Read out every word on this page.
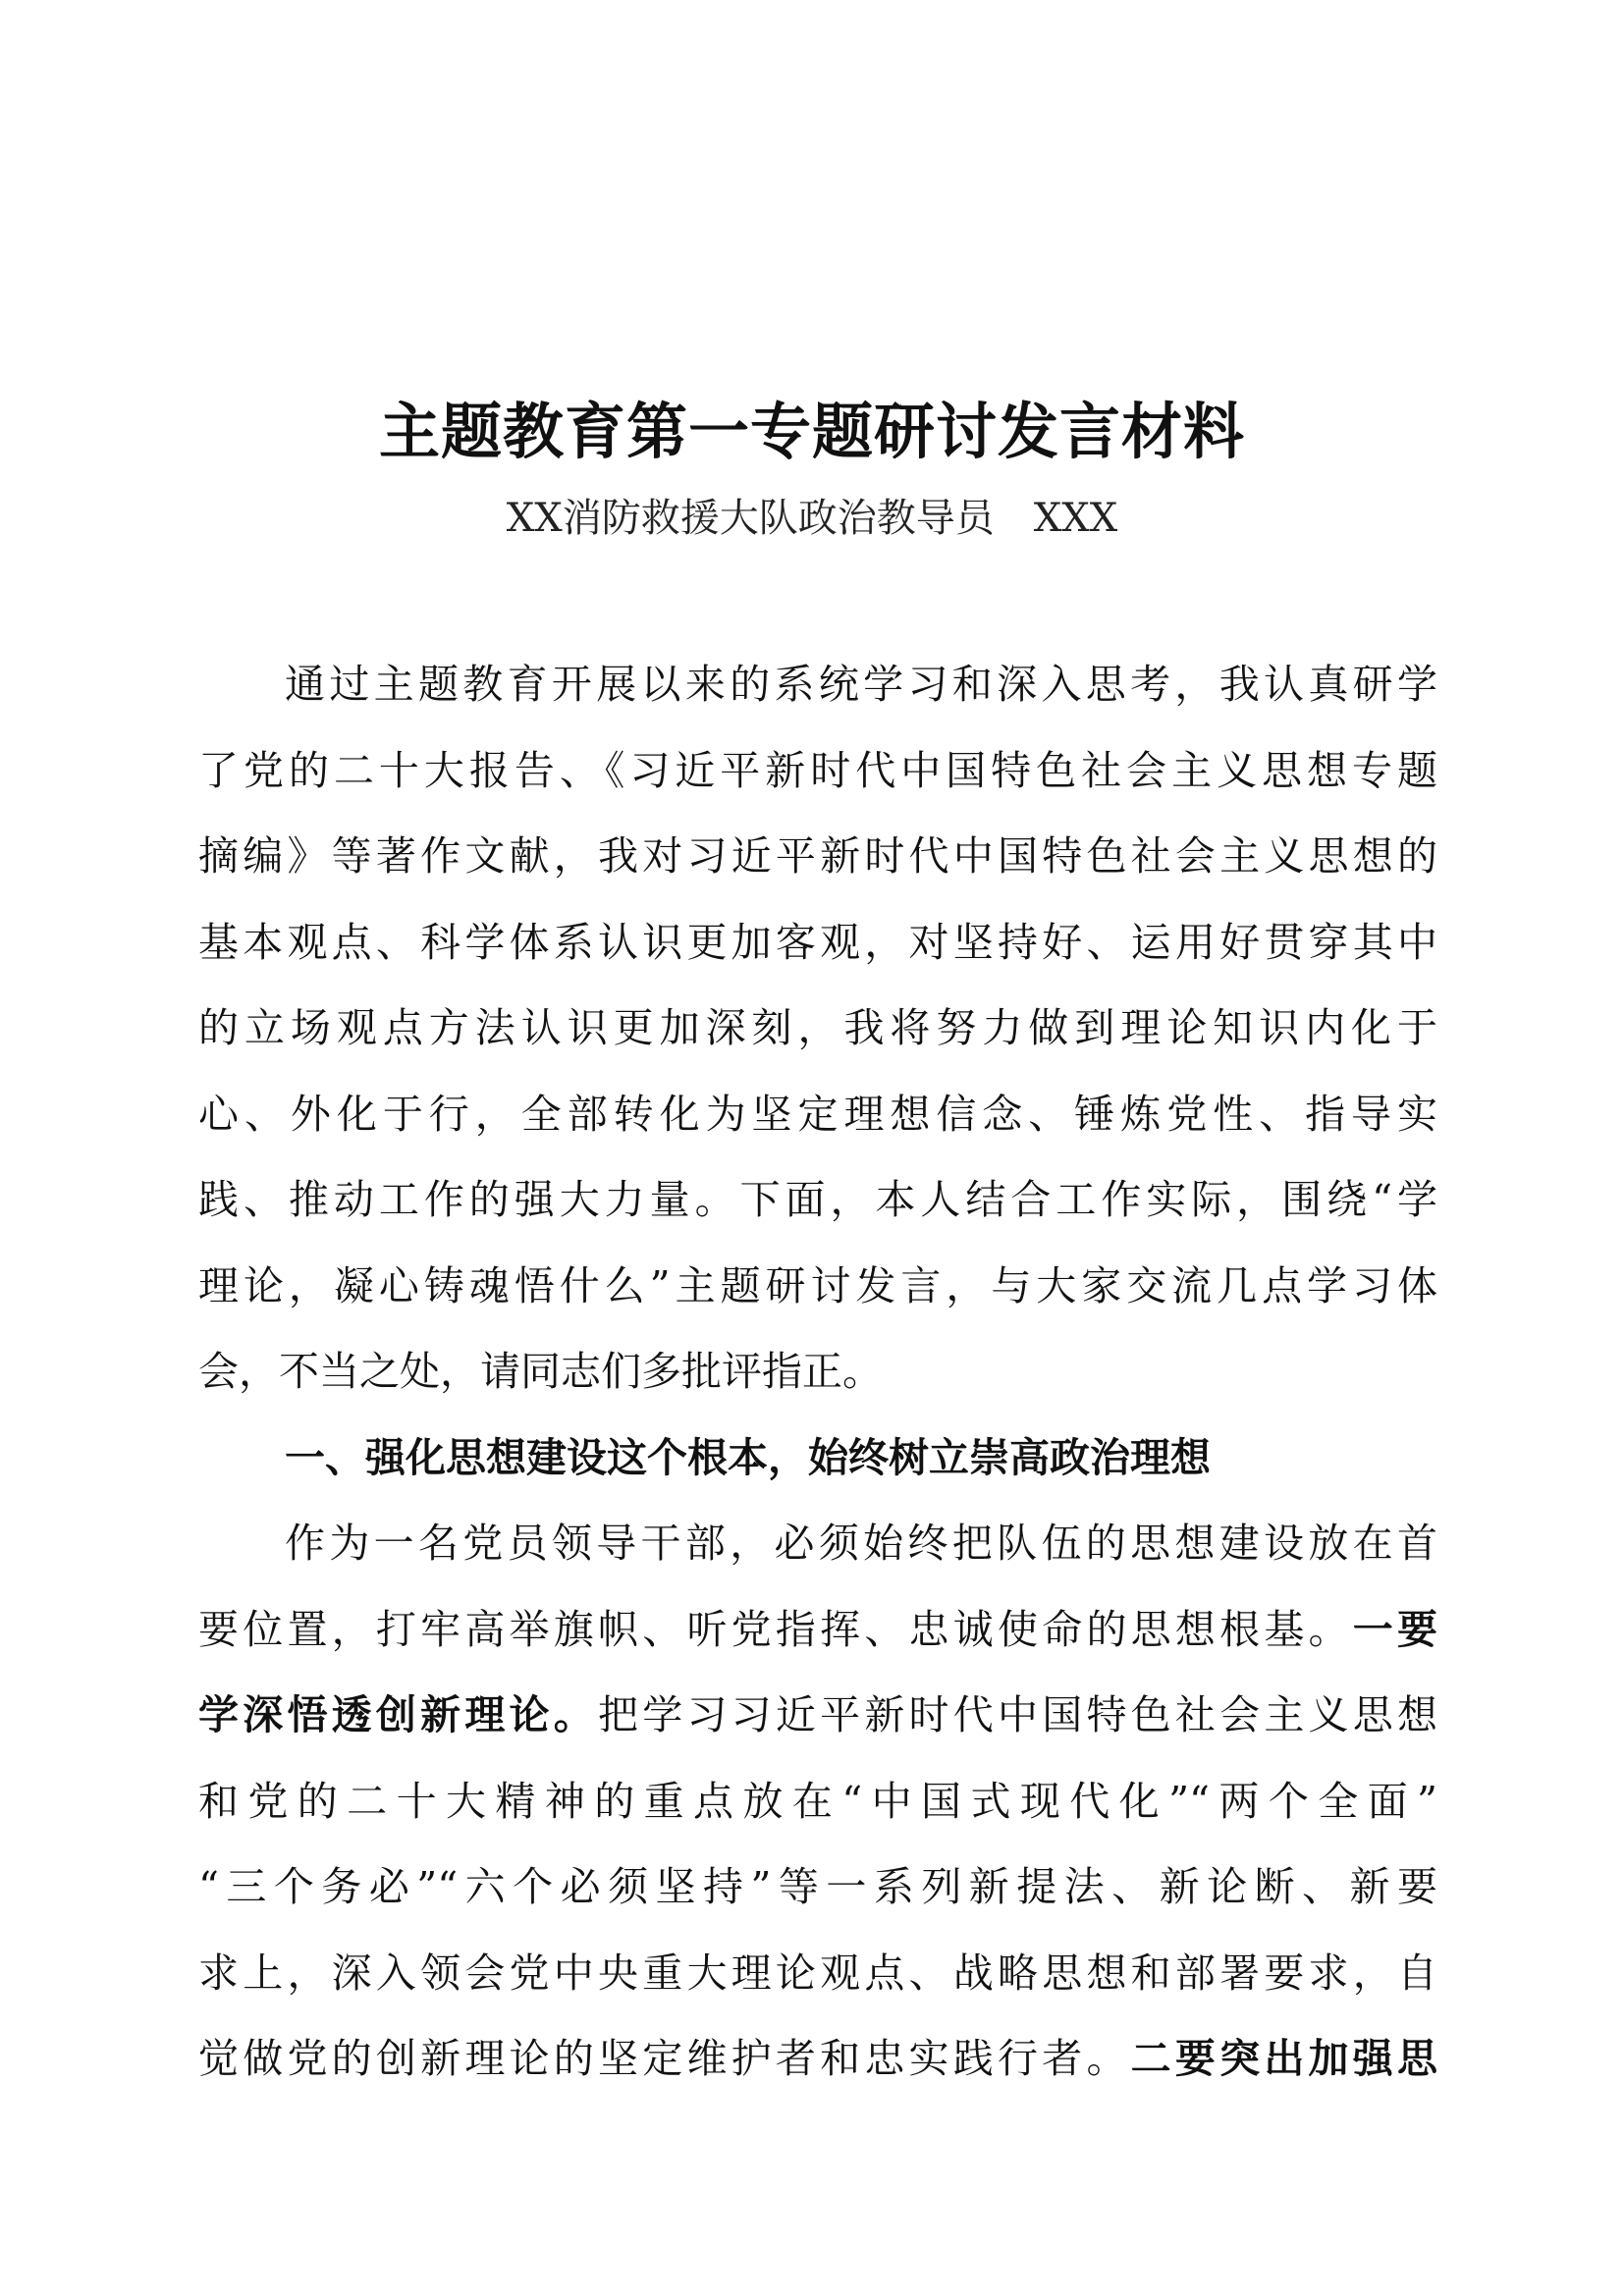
主题教育第一专题研讨发言材料
XX消防救援大队政治教导员　XXX
通过主题教育开展以来的系统学习和深入思考，我认真研学
了党的二十大报告、《习近平新时代中国特色社会主义思想专题
摘编》等著作文献，我对习近平新时代中国特色社会主义思想的
基本观点、科学体系认识更加客观，对坚持好、运用好贯穿其中
的立场观点方法认识更加深刻，我将努力做到理论知识内化于
心、外化于行，全部转化为坚定理想信念、锤炼党性、指导实
践、推动工作的强大力量。下面，本人结合工作实际，围绕“学
理论，凝心铸魂悟什么”主题研讨发言，与大家交流几点学习体
会，不当之处，请同志们多批评指正。
一、强化思想建设这个根本，始终树立崇高政治理想
作为一名党员领导干部，必须始终把队伍的思想建设放在首
要位置，打牢高举旗帜、听党指挥、忠诚使命的思想根基。一要
学深悟透创新理论。把学习习近平新时代中国特色社会主义思想
和党的二十大精神的重点放在“中国式现代化”“两个全面”
“三个务必”“六个必须坚持”等一系列新提法、新论断、新要
求上，深入领会党中央重大理论观点、战略思想和部署要求，自
觉做党的创新理论的坚定维护者和忠实践行者。二要突出加强思
